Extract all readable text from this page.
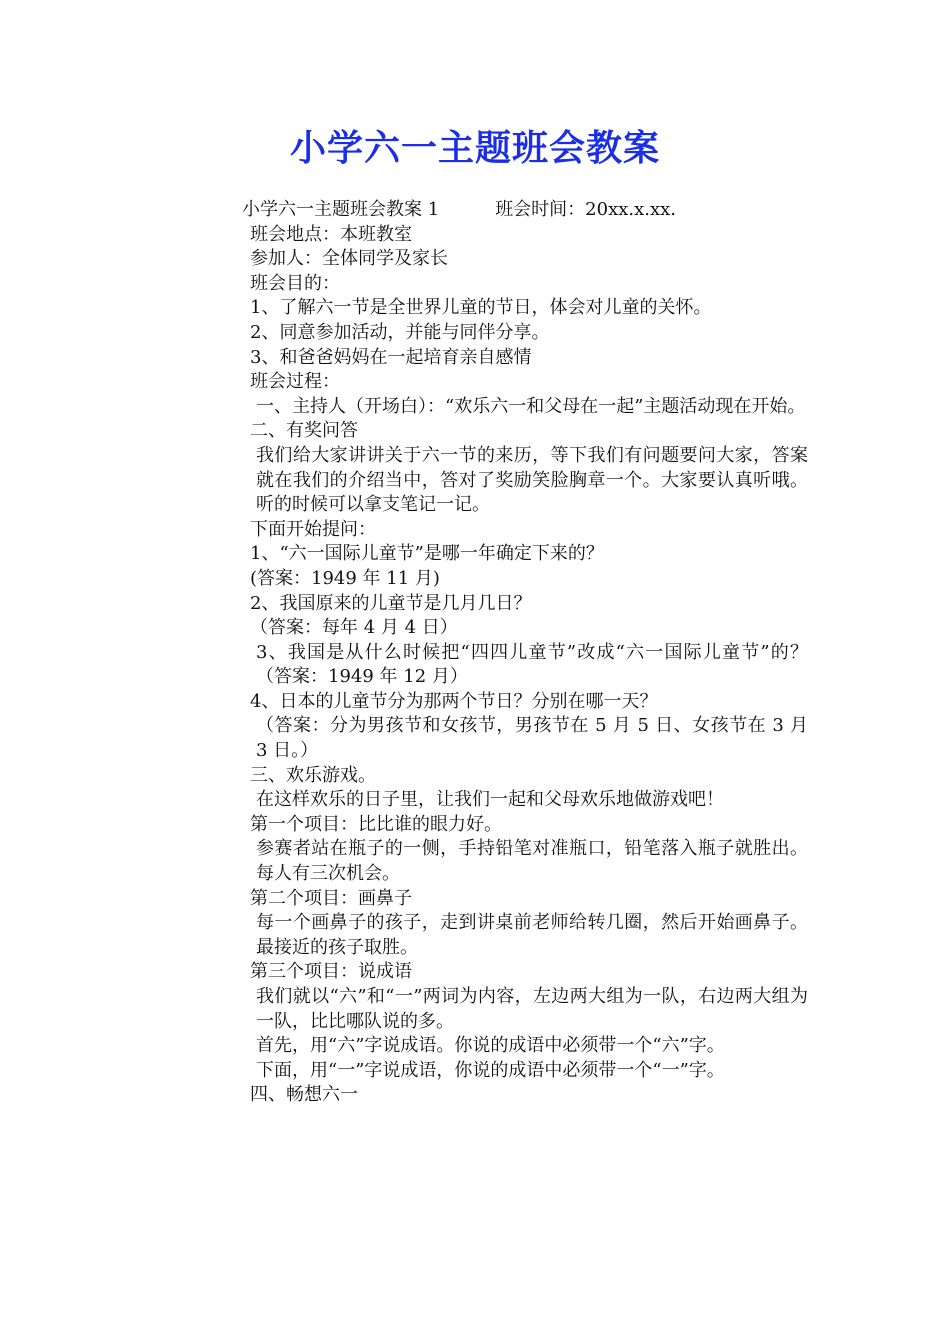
小学六一主题班会教案

小学六一主题班会教案 1	班会时间：20xx.x.xx.

班会地点：本班教室

参加人：全体同学及家长

班会目的：

1、了解六一节是全世界儿童的节日，体会对儿童的关怀。

2、同意参加活动，并能与同伴分享。

3、和爸爸妈妈在一起培育亲自感情

班会过程：

一、主持人（开场白）：“欢乐六一和父母在一起”主题活动现在开始。

二、有奖问答

我们给大家讲讲关于六一节的来历，等下我们有问题要问大家，答案就在我们的介绍当中，答对了奖励笑脸胸章一个。大家要认真听哦。听的时候可以拿支笔记一记。

下面开始提问：

1、“六一国际儿童节”是哪一年确定下来的？

(答案：1949 年 11 月)

2、我国原来的儿童节是几月几日？

（答案：每年 4 月 4 日）

3、我国是从什么时候把“四四儿童节”改成“六一国际儿童节”的？（答案：1949 年 12 月）

4、日本的儿童节分为那两个节日？分别在哪一天？

（答案：分为男孩节和女孩节，男孩节在 5 月 5 日、女孩节在 3 月 3 日。）

三、欢乐游戏。

在这样欢乐的日子里，让我们一起和父母欢乐地做游戏吧！

第一个项目：比比谁的眼力好。

参赛者站在瓶子的一侧，手持铅笔对准瓶口，铅笔落入瓶子就胜出。每人有三次机会。

第二个项目：画鼻子

每一个画鼻子的孩子，走到讲桌前老师给转几圈，然后开始画鼻子。最接近的孩子取胜。

第三个项目：说成语

我们就以“六”和“一”两词为内容，左边两大组为一队，右边两大组为一队，比比哪队说的多。

首先，用“六”字说成语。你说的成语中必须带一个“六”字。

下面，用“一”字说成语，你说的成语中必须带一个“一”字。

四、畅想六一
